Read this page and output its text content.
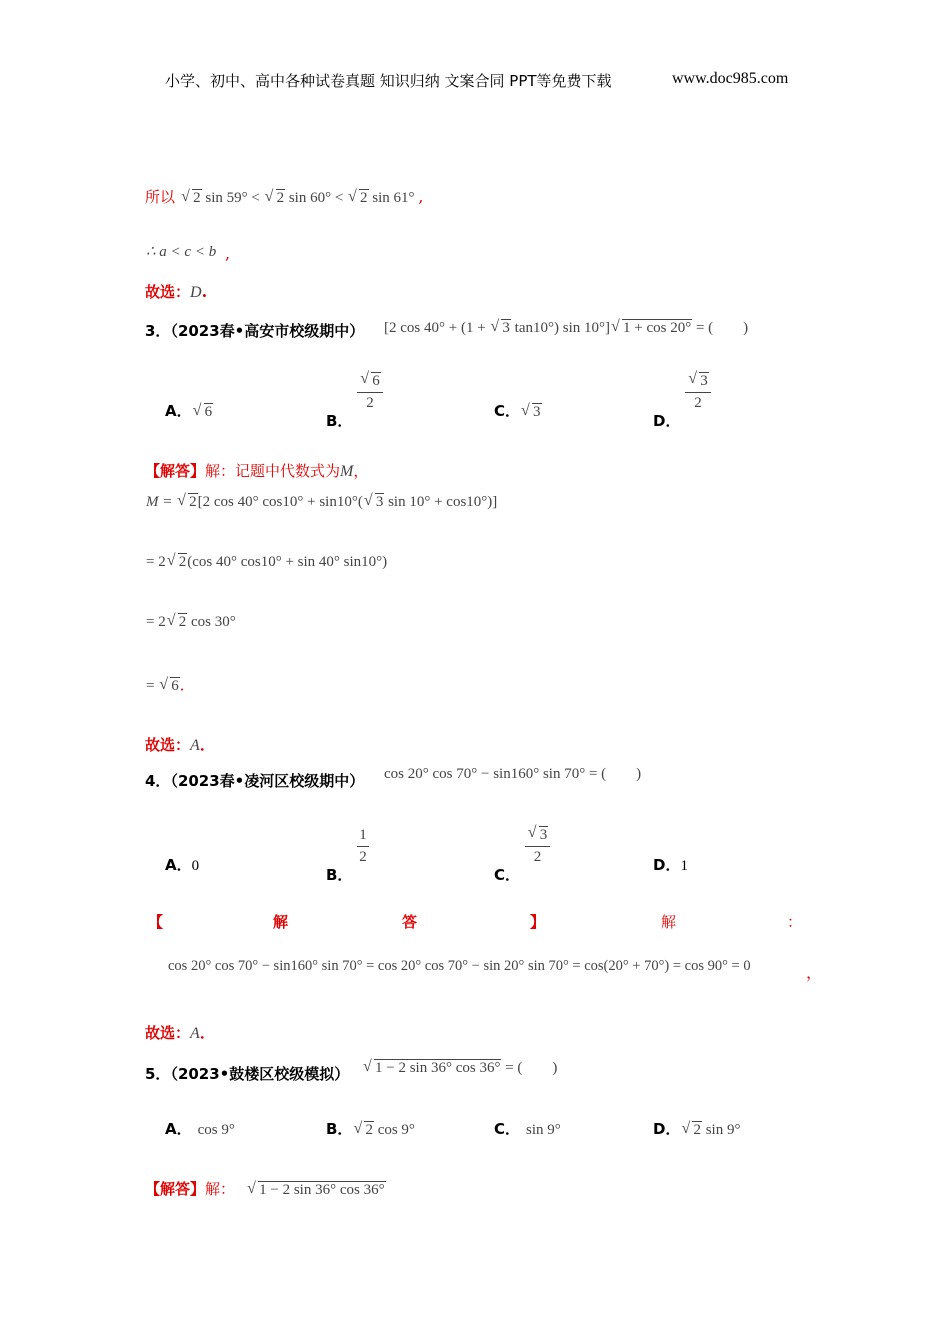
小学、初中、高中各种试卷真题 知识归纳 文案合同 PPT等免费下载	www.doc985.com
所以 √ 2 sin 59° < √ 2 sin 60° < √ 2 sin 61° ,
∴ a < c < b ,
故选：D.
3．（2023春•高安市校级期中） [2 cos 40° + (1 + √ 3 tan10°) sin 10°] √ 1 + cos 20° = (　　)
A． √ 6	B．
√ $\frac{6}{2}$	C． √ 3	D．
√ $\frac{3}{2}$
【解答】解：记题中代数式为M，
M = √ 2[2 cos 40° cos10° + sin10°( √ 3 sin 10° + cos10°)]
= 2 √ 2(cos 40° cos10° + sin 40° sin10°)
= 2 √ 2 cos 30°
= √ 6．
故选：A．
4．（2023春•凌河区校级期中） cos 20° cos 70° − sin160° sin 70° = (　　)
A．0	B．
$\frac{1}{2}$
C．
√ $\frac{3}{2}$	D．1
【	解	答	】	解	：
cos 20° cos 70° − sin160° sin 70° = cos 20° cos 70° − sin 20° sin 70° = cos(20° + 70°) = cos 90° = 0	，
故选：A．
5．（2023•鼓楼区校级模拟）	√ 1 − 2 sin 36° cos 36° = (　　)
A． cos 9°	B． √ 2 cos 9°	C． sin 9°	D． √ 2 sin 9°
【解答】解： √ 1 − 2 sin 36° cos 36°
